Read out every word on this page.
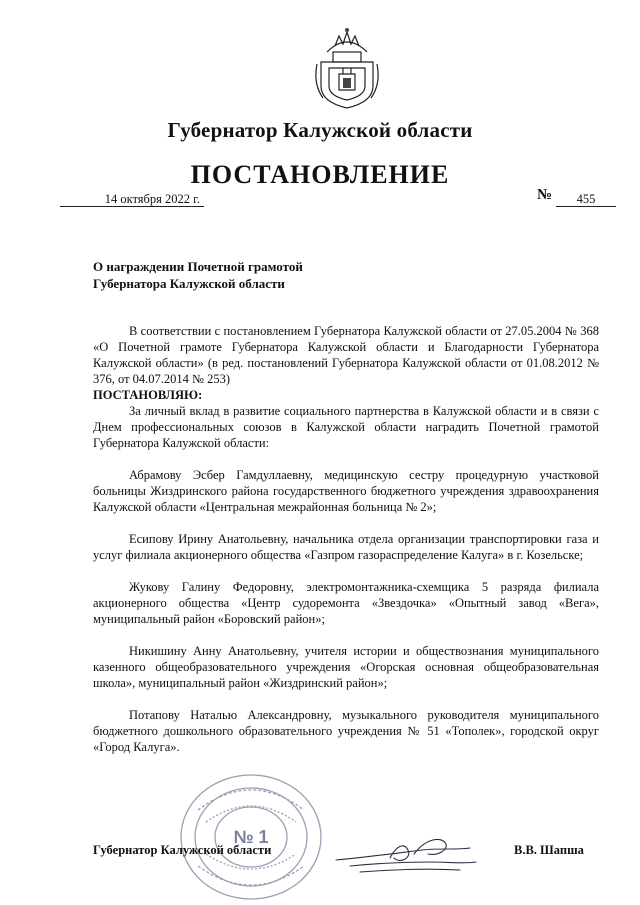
Губернатор Калужской области
ПОСТАНОВЛЕНИЕ
14 октября 2022 г.	№	455
О награждении Почетной грамотой
Губернатора Калужской области

В соответствии с постановлением Губернатора Калужской области от 27.05.2004 № 368 «О Почетной грамоте Губернатора Калужской области и Благодарности Губернатора Калужской области» (в ред. постановлений Губернатора Калужской области от 01.08.2012 № 376, от 04.07.2014 № 253)

ПОСТАНОВЛЯЮ:

За личный вклад в развитие социального партнерства в Калужской области и в связи с Днем профессиональных союзов в Калужской области наградить Почетной грамотой Губернатора Калужской области:

Абрамову Эсбер Гамдуллаевну, медицинскую сестру процедурную участковой больницы Жиздринского района государственного бюджетного учреждения здравоохранения Калужской области «Центральная межрайонная больница № 2»;

Есипову Ирину Анатольевну, начальника отдела организации транспортировки газа и услуг филиала акционерного общества «Газпром газораспределение Калуга» в г. Козельске;

Жукову Галину Федоровну, электромонтажника-схемщика 5 разряда филиала акционерного общества «Центр судоремонта «Звездочка» «Опытный завод «Вега», муниципальный район «Боровский район»;

Никишину Анну Анатольевну, учителя истории и обществознания муниципального казенного общеобразовательного учреждения «Огорская основная общеобразовательная школа», муниципальный район «Жиздринский район»;

Потапову Наталью Александровну, музыкального руководителя муниципального бюджетного дошкольного образовательного учреждения № 51 «Тополек», городской округ «Город Калуга».

№ 1
Губернатор Калужской области	В.В. Шапша
